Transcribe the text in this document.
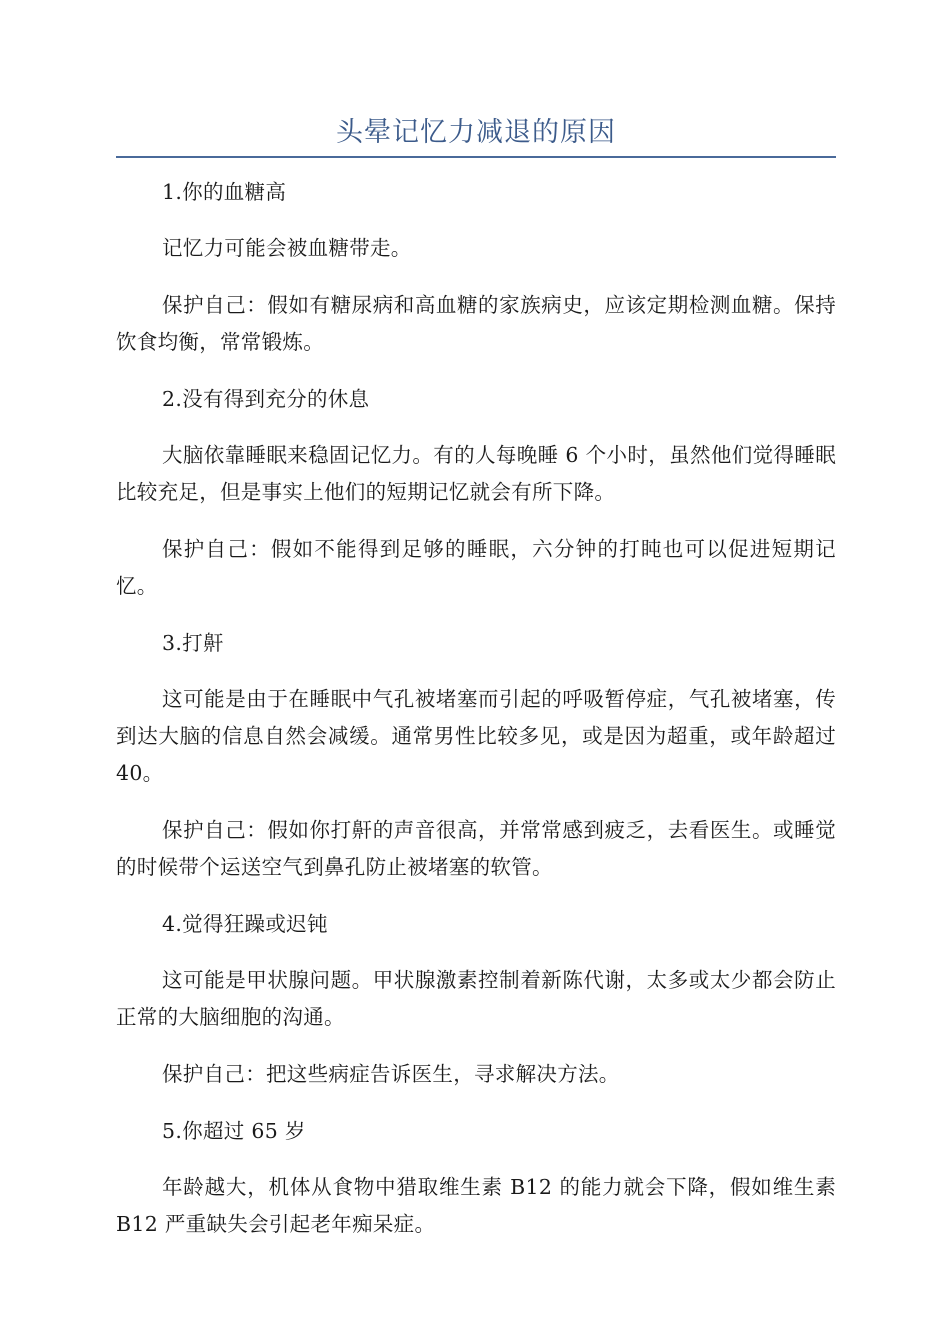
头晕记忆力减退的原因

1.你的血糖高

记忆力可能会被血糖带走。

保护自己：假如有糖尿病和高血糖的家族病史，应该定期检测血糖。保持饮食均衡，常常锻炼。

2.没有得到充分的休息

大脑依靠睡眠来稳固记忆力。有的人每晚睡 6 个小时，虽然他们觉得睡眠比较充足，但是事实上他们的短期记忆就会有所下降。

保护自己：假如不能得到足够的睡眠，六分钟的打盹也可以促进短期记忆。

3.打鼾

这可能是由于在睡眠中气孔被堵塞而引起的呼吸暂停症，气孔被堵塞，传到达大脑的信息自然会减缓。通常男性比较多见，或是因为超重，或年龄超过 40。

保护自己：假如你打鼾的声音很高，并常常感到疲乏，去看医生。或睡觉的时候带个运送空气到鼻孔防止被堵塞的软管。

4.觉得狂躁或迟钝

这可能是甲状腺问题。甲状腺激素控制着新陈代谢，太多或太少都会防止正常的大脑细胞的沟通。

保护自己：把这些病症告诉医生，寻求解决方法。

5.你超过 65 岁

年龄越大，机体从食物中猎取维生素 B12 的能力就会下降，假如维生素 B12 严重缺失会引起老年痴呆症。
